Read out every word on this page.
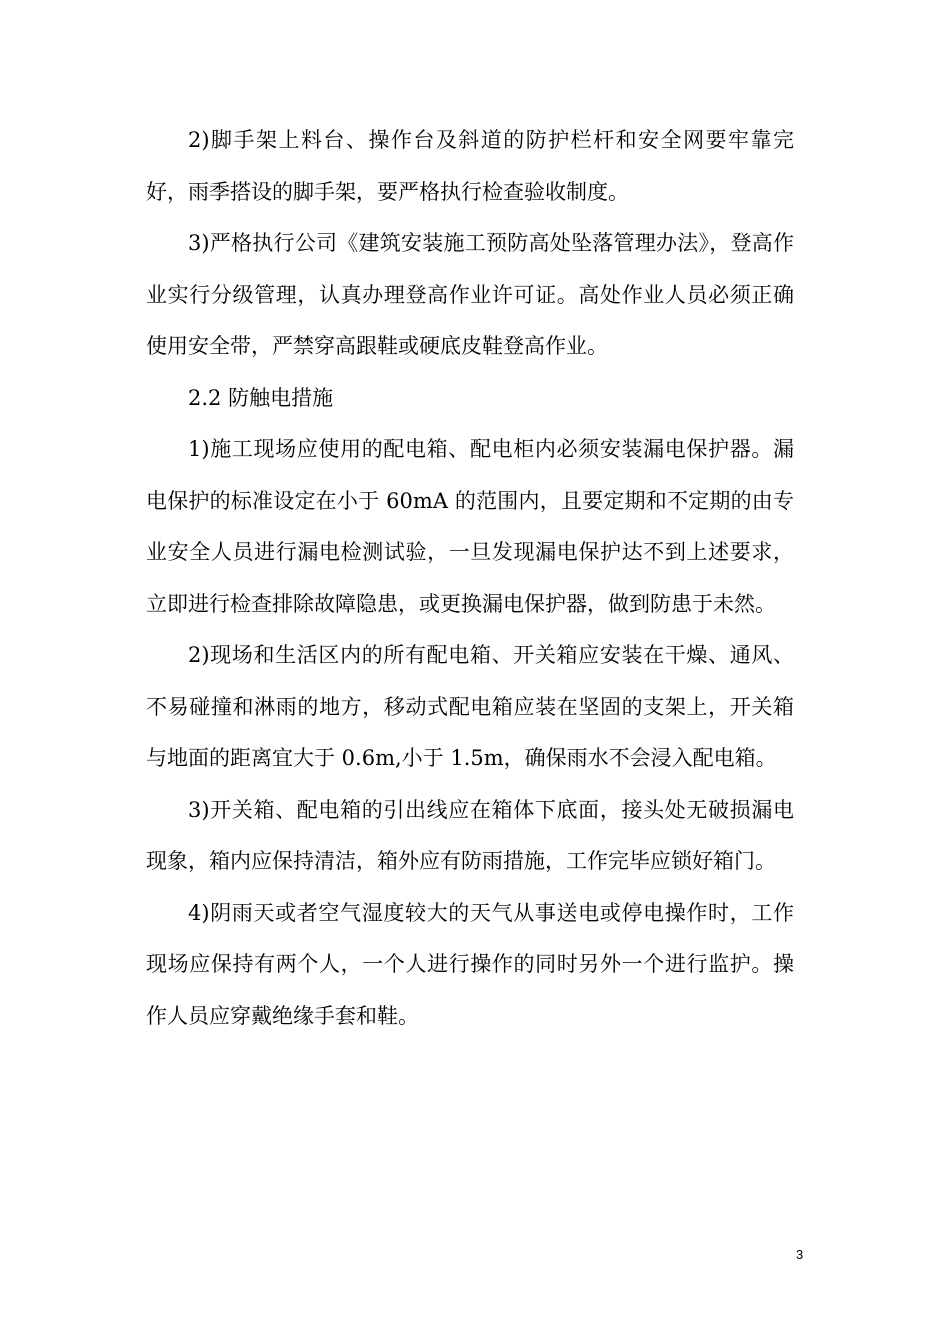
2)脚手架上料台、操作台及斜道的防护栏杆和安全网要牢靠完好，雨季搭设的脚手架，要严格执行检查验收制度。

3)严格执行公司《建筑安装施工预防高处坠落管理办法》，登高作业实行分级管理，认真办理登高作业许可证。高处作业人员必须正确使用安全带，严禁穿高跟鞋或硬底皮鞋登高作业。

2.2 防触电措施

1)施工现场应使用的配电箱、配电柜内必须安装漏电保护器。漏电保护的标准设定在小于 60mA 的范围内，且要定期和不定期的由专业安全人员进行漏电检测试验，一旦发现漏电保护达不到上述要求，立即进行检查排除故障隐患，或更换漏电保护器，做到防患于未然。

2)现场和生活区内的所有配电箱、开关箱应安装在干燥、通风、不易碰撞和淋雨的地方，移动式配电箱应装在坚固的支架上，开关箱与地面的距离宜大于 0.6m,小于 1.5m，确保雨水不会浸入配电箱。

3)开关箱、配电箱的引出线应在箱体下底面，接头处无破损漏电现象，箱内应保持清洁，箱外应有防雨措施，工作完毕应锁好箱门。

4)阴雨天或者空气湿度较大的天气从事送电或停电操作时，工作现场应保持有两个人，一个人进行操作的同时另外一个进行监护。操作人员应穿戴绝缘手套和鞋。

3
